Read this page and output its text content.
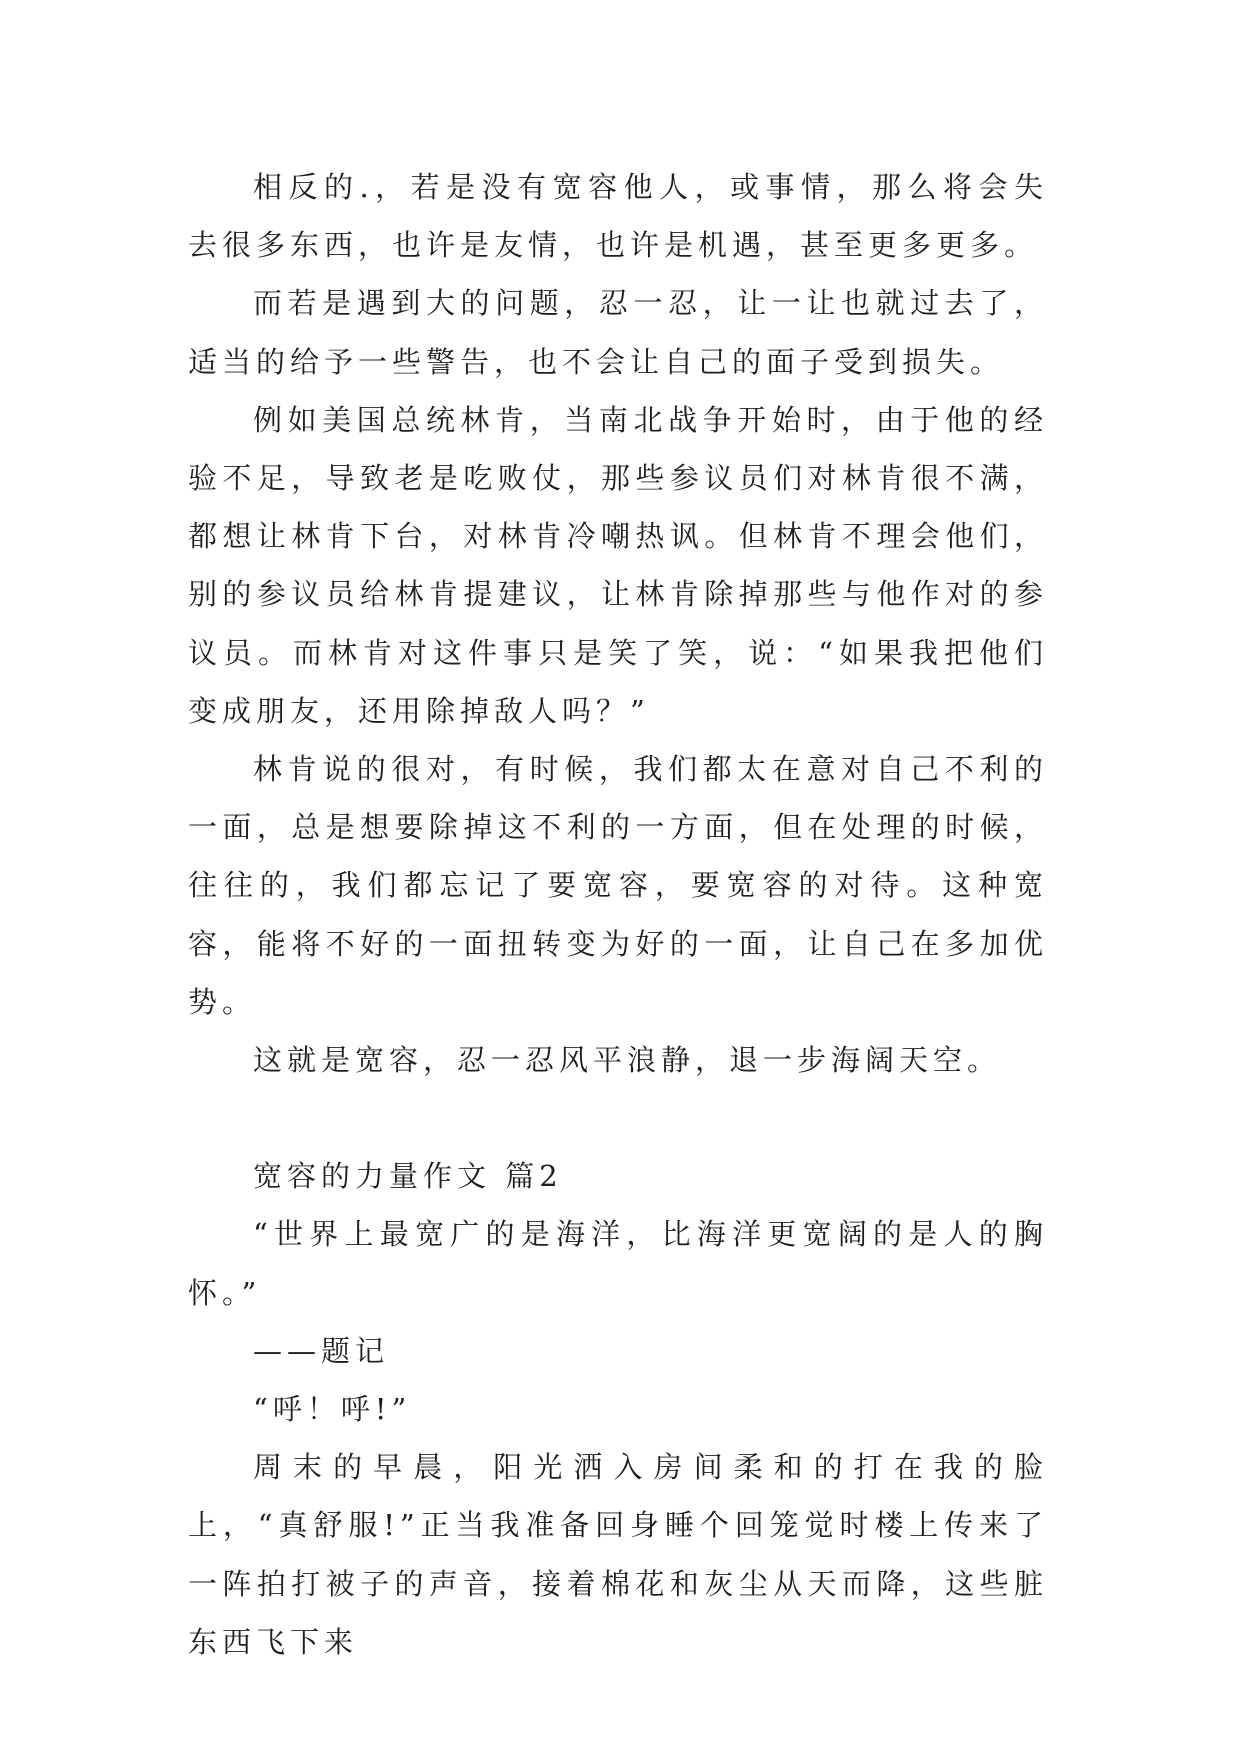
相反的.，若是没有宽容他人，或事情，那么将会失去很多东西，也许是友情，也许是机遇，甚至更多更多。

而若是遇到大的问题，忍一忍，让一让也就过去了，适当的给予一些警告，也不会让自己的面子受到损失。

例如美国总统林肯，当南北战争开始时，由于他的经验不足，导致老是吃败仗，那些参议员们对林肯很不满，都想让林肯下台，对林肯冷嘲热讽。但林肯不理会他们，别的参议员给林肯提建议，让林肯除掉那些与他作对的参议员。而林肯对这件事只是笑了笑，说：“如果我把他们变成朋友，还用除掉敌人吗？”

林肯说的很对，有时候，我们都太在意对自己不利的一面，总是想要除掉这不利的一方面，但在处理的时候，往往的，我们都忘记了要宽容，要宽容的对待。这种宽容，能将不好的一面扭转变为好的一面，让自己在多加优势。

这就是宽容，忍一忍风平浪静，退一步海阔天空。

宽容的力量作文 篇2

“世界上最宽广的是海洋，比海洋更宽阔的是人的胸怀。”

——题记

“呼！呼!”

周末的早晨，阳光洒入房间柔和的打在我的脸上，“真舒服!”正当我准备回身睡个回笼觉时楼上传来了一阵拍打被子的声音，接着棉花和灰尘从天而降，这些脏东西飞下来
